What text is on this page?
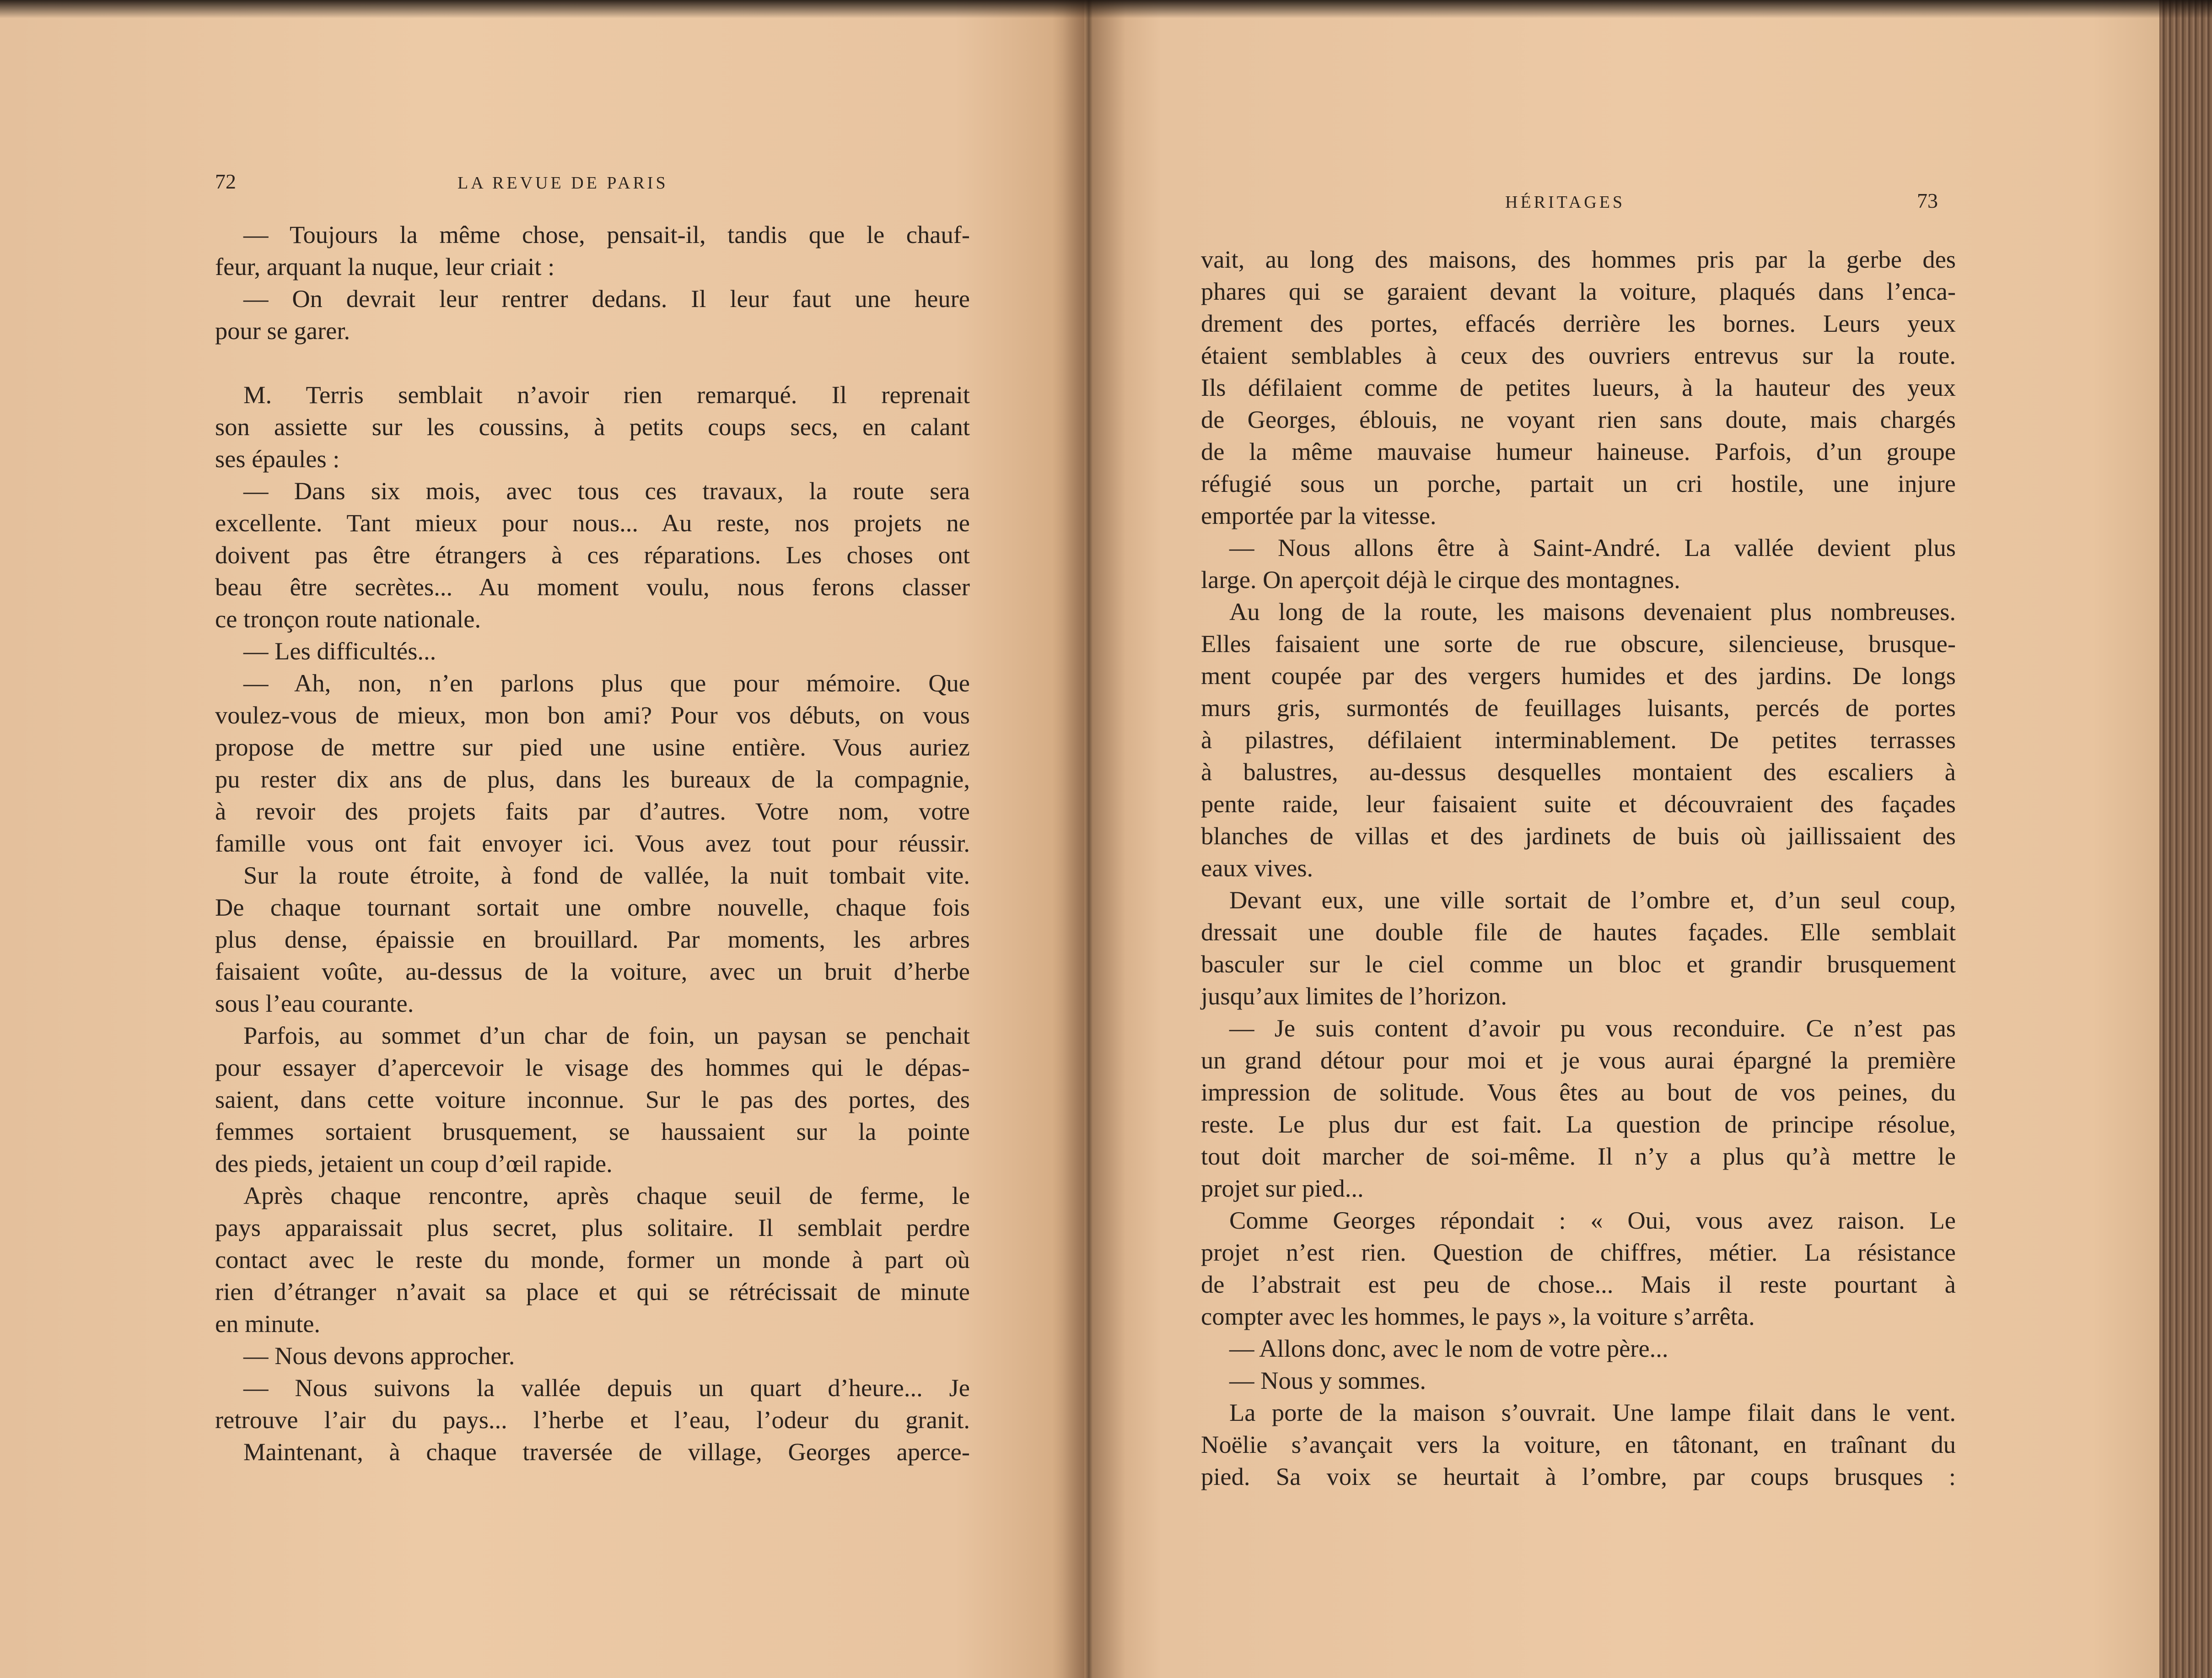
72	LA REVUE DE PARIS
— Toujours la même chose, pensait-il, tandis que le chauf-
feur, arquant la nuque, leur criait :
— On devrait leur rentrer dedans. Il leur faut une heure
pour se garer.
M. Terris semblait n’avoir rien remarqué. Il reprenait
son assiette sur les coussins, à petits coups secs, en calant
ses épaules :
— Dans six mois, avec tous ces travaux, la route sera
excellente. Tant mieux pour nous... Au reste, nos projets ne
doivent pas être étrangers à ces réparations. Les choses ont
beau être secrètes... Au moment voulu, nous ferons classer
ce tronçon route nationale.
— Les difficultés...
— Ah, non, n’en parlons plus que pour mémoire. Que
voulez-vous de mieux, mon bon ami? Pour vos débuts, on vous
propose de mettre sur pied une usine entière. Vous auriez
pu rester dix ans de plus, dans les bureaux de la compagnie,
à revoir des projets faits par d’autres. Votre nom, votre
famille vous ont fait envoyer ici. Vous avez tout pour réussir.
Sur la route étroite, à fond de vallée, la nuit tombait vite.
De chaque tournant sortait une ombre nouvelle, chaque fois
plus dense, épaissie en brouillard. Par moments, les arbres
faisaient voûte, au-dessus de la voiture, avec un bruit d’herbe
sous l’eau courante.
Parfois, au sommet d’un char de foin, un paysan se penchait
pour essayer d’apercevoir le visage des hommes qui le dépas-
saient, dans cette voiture inconnue. Sur le pas des portes, des
femmes sortaient brusquement, se haussaient sur la pointe
des pieds, jetaient un coup d’œil rapide.
Après chaque rencontre, après chaque seuil de ferme, le
pays apparaissait plus secret, plus solitaire. Il semblait perdre
contact avec le reste du monde, former un monde à part où
rien d’étranger n’avait sa place et qui se rétrécissait de minute
en minute.
— Nous devons approcher.
— Nous suivons la vallée depuis un quart d’heure... Je
retrouve l’air du pays... l’herbe et l’eau, l’odeur du granit.
Maintenant, à chaque traversée de village, Georges aperce-
HÉRITAGES	73
vait, au long des maisons, des hommes pris par la gerbe des
phares qui se garaient devant la voiture, plaqués dans l’enca-
drement des portes, effacés derrière les bornes. Leurs yeux
étaient semblables à ceux des ouvriers entrevus sur la route.
Ils défilaient comme de petites lueurs, à la hauteur des yeux
de Georges, éblouis, ne voyant rien sans doute, mais chargés
de la même mauvaise humeur haineuse. Parfois, d’un groupe
réfugié sous un porche, partait un cri hostile, une injure
emportée par la vitesse.
— Nous allons être à Saint-André. La vallée devient plus
large. On aperçoit déjà le cirque des montagnes.
Au long de la route, les maisons devenaient plus nombreuses.
Elles faisaient une sorte de rue obscure, silencieuse, brusque-
ment coupée par des vergers humides et des jardins. De longs
murs gris, surmontés de feuillages luisants, percés de portes
à pilastres, défilaient interminablement. De petites terrasses
à balustres, au-dessus desquelles montaient des escaliers à
pente raide, leur faisaient suite et découvraient des façades
blanches de villas et des jardinets de buis où jaillissaient des
eaux vives.
Devant eux, une ville sortait de l’ombre et, d’un seul coup,
dressait une double file de hautes façades. Elle semblait
basculer sur le ciel comme un bloc et grandir brusquement
jusqu’aux limites de l’horizon.
— Je suis content d’avoir pu vous reconduire. Ce n’est pas
un grand détour pour moi et je vous aurai épargné la première
impression de solitude. Vous êtes au bout de vos peines, du
reste. Le plus dur est fait. La question de principe résolue,
tout doit marcher de soi-même. Il n’y a plus qu’à mettre le
projet sur pied...
Comme Georges répondait : « Oui, vous avez raison. Le
projet n’est rien. Question de chiffres, métier. La résistance
de l’abstrait est peu de chose... Mais il reste pourtant à
compter avec les hommes, le pays », la voiture s’arrêta.
— Allons donc, avec le nom de votre père...
— Nous y sommes.
La porte de la maison s’ouvrait. Une lampe filait dans le vent.
Noëlie s’avançait vers la voiture, en tâtonant, en traînant du
pied. Sa voix se heurtait à l’ombre, par coups brusques :
